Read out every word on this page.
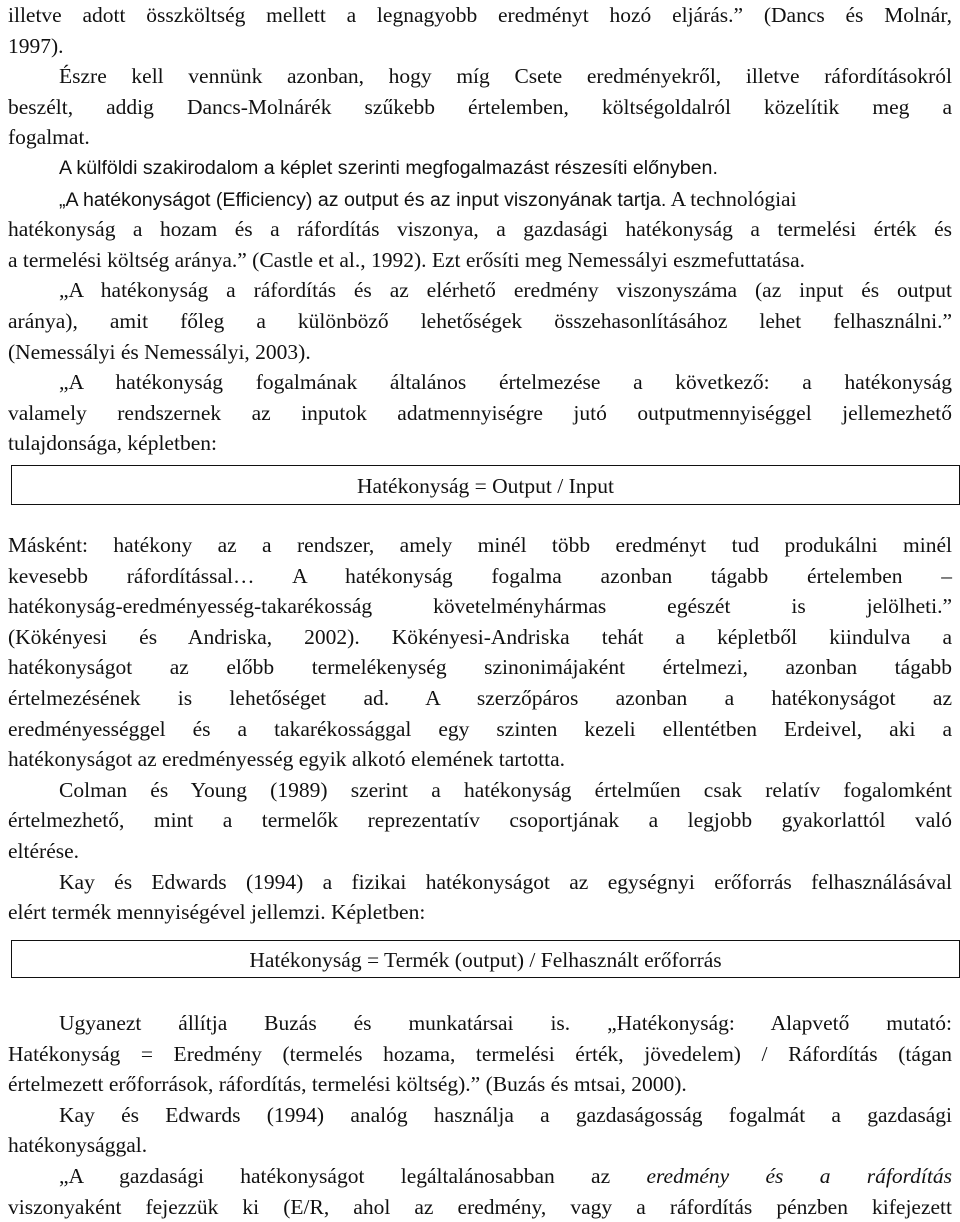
illetve adott összköltség mellett a legnagyobb eredményt hozó eljárás.” (Dancs és Molnár,
1997).
Észre kell vennünk azonban, hogy míg Csete eredményekről, illetve ráfordításokról
beszélt, addig Dancs-Molnárék szűkebb értelemben, költségoldalról közelítik meg a
fogalmat.
A külföldi szakirodalom a képlet szerinti megfogalmazást részesíti előnyben.
„A hatékonyságot (Efficiency) az output és az input viszonyának tartja. A technológiai
hatékonyság a hozam és a ráfordítás viszonya, a gazdasági hatékonyság a termelési érték és
a termelési költség aránya.” (Castle et al., 1992). Ezt erősíti meg Nemessályi eszmefuttatása.
„A hatékonyság a ráfordítás és az elérhető eredmény viszonyszáma (az input és output
aránya), amit főleg a különböző lehetőségek összehasonlításához lehet felhasználni.”
(Nemessályi és Nemessályi, 2003).
„A hatékonyság fogalmának általános értelmezése a következő: a hatékonyság
valamely rendszernek az inputok adatmennyiségre jutó outputmennyiséggel jellemezhető
tulajdonsága, képletben:
Hatékonyság = Output / Input
Másként: hatékony az a rendszer, amely minél több eredményt tud produkálni minél
kevesebb ráfordítással… A hatékonyság fogalma azonban tágabb értelemben –
hatékonyság-eredményesség-takarékosság követelményhármas egészét is jelölheti.”
(Kökényesi és Andriska, 2002). Kökényesi-Andriska tehát a képletből kiindulva a
hatékonyságot az előbb termelékenység szinonimájaként értelmezi, azonban tágabb
értelmezésének is lehetőséget ad. A szerzőpáros azonban a hatékonyságot az
eredményességgel és a takarékossággal egy szinten kezeli ellentétben Erdeivel, aki a
hatékonyságot az eredményesség egyik alkotó elemének tartotta.
Colman és Young (1989) szerint a hatékonyság értelműen csak relatív fogalomként
értelmezhető, mint a termelők reprezentatív csoportjának a legjobb gyakorlattól való
eltérése.
Kay és Edwards (1994) a fizikai hatékonyságot az egységnyi erőforrás felhasználásával
elért termék mennyiségével jellemzi. Képletben:
Hatékonyság = Termék (output) / Felhasznált erőforrás
Ugyanezt állítja Buzás és munkatársai is. „Hatékonyság: Alapvető mutató:
Hatékonyság = Eredmény (termelés hozama, termelési érték, jövedelem) / Ráfordítás (tágan
értelmezett erőforrások, ráfordítás, termelési költség).” (Buzás és mtsai, 2000).
Kay és Edwards (1994) analóg használja a gazdaságosság fogalmát a gazdasági
hatékonysággal.
„A gazdasági hatékonyságot legáltalánosabban az eredmény és a ráfordítás
viszonyaként fejezzük ki (E/R, ahol az eredmény, vagy a ráfordítás pénzben kifejezett
